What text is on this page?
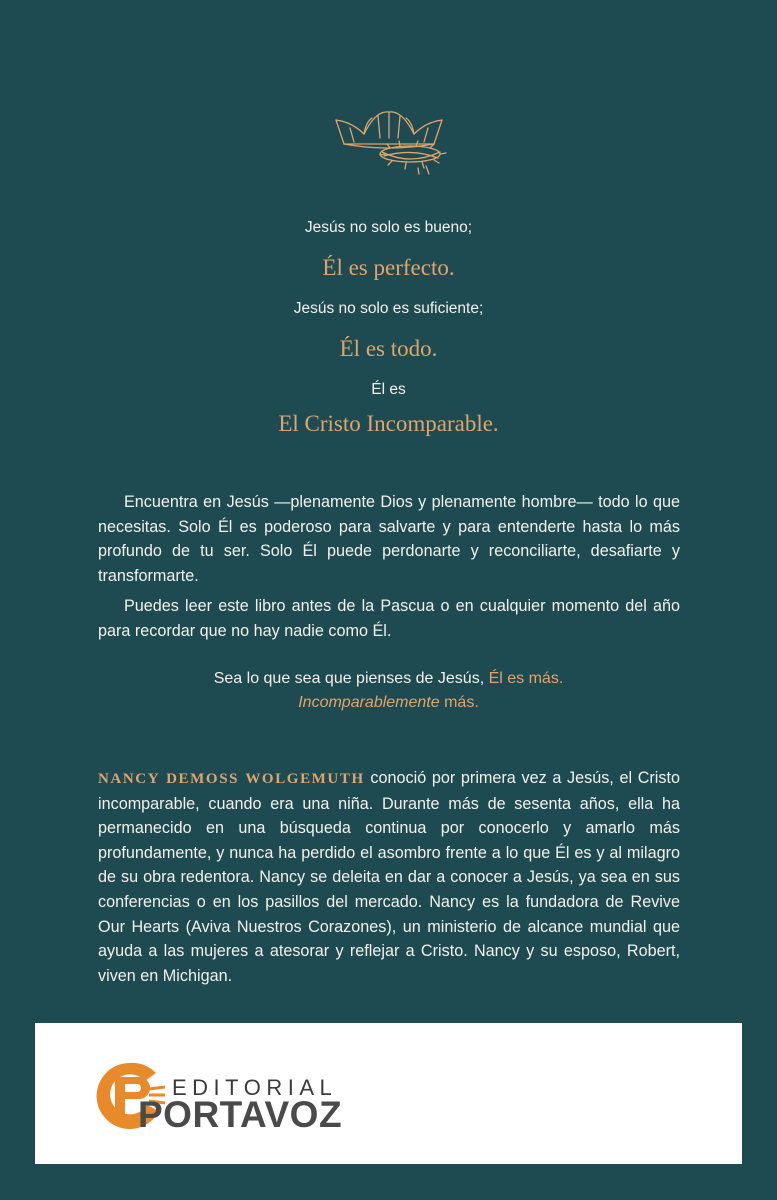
Jesús no solo es bueno;

Él es perfecto.

Jesús no solo es suficiente;

Él es todo.

Él es

El Cristo Incomparable.

Encuentra en Jesús —plenamente Dios y plenamente hombre— todo lo que necesitas. Solo Él es poderoso para salvarte y para entenderte hasta lo más profundo de tu ser. Solo Él puede perdonarte y reconciliarte, desafiarte y transformarte.

Puedes leer este libro antes de la Pascua o en cualquier momento del año para recordar que no hay nadie como Él.

Sea lo que sea que pienses de Jesús, Él es más.

Incomparablemente más.

NANCY DEMOSS WOLGEMUTH conoció por primera vez a Jesús, el Cristo incomparable, cuando era una niña. Durante más de sesenta años, ella ha permanecido en una búsqueda continua por conocerlo y amarlo más profundamente, y nunca ha perdido el asombro frente a lo que Él es y al milagro de su obra redentora. Nancy se deleita en dar a conocer a Jesús, ya sea en sus conferencias o en los pasillos del mercado. Nancy es la fundadora de Revive Our Hearts (Aviva Nuestros Corazones), un ministerio de alcance mundial que ayuda a las mujeres a atesorar y reflejar a Cristo. Nancy y su esposo, Robert, viven en Michigan.

EDITORIAL

PORTAVOZ
